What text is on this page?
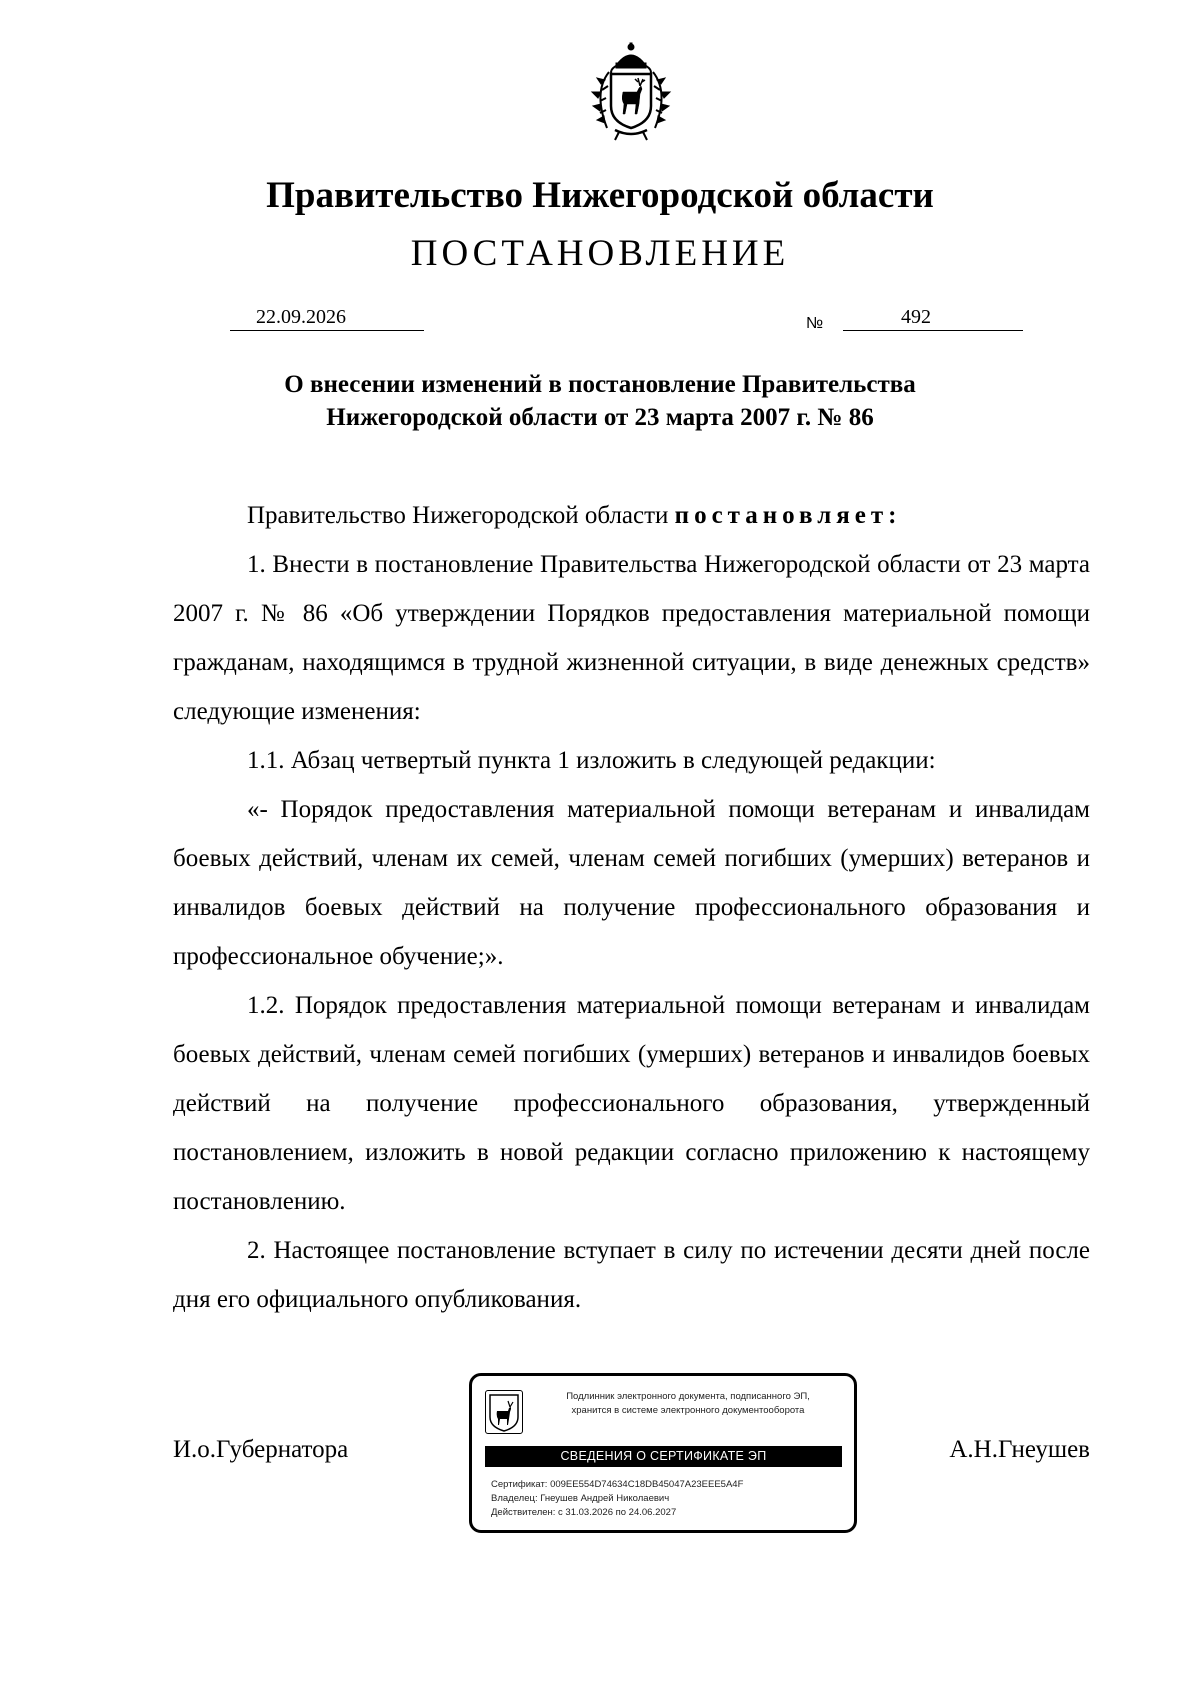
Правительство Нижегородской области
ПОСТАНОВЛЕНИЕ
22.09.2026	№	492
О внесении изменений в постановление Правительства
Нижегородской области от 23 марта 2007 г. № 86

Правительство Нижегородской области постановляет:

1. Внести в постановление Правительства Нижегородской области от 23 марта 2007 г. № 86 «Об утверждении Порядков предоставления материальной помощи гражданам, находящимся в трудной жизненной ситуации, в виде денежных средств» следующие изменения:

1.1. Абзац четвертый пункта 1 изложить в следующей редакции:

«- Порядок предоставления материальной помощи ветеранам и инвалидам боевых действий, членам их семей, членам семей погибших (умерших) ветеранов и инвалидов боевых действий на получение профессионального образования и профессиональное обучение;».

1.2. Порядок предоставления материальной помощи ветеранам и инвалидам боевых действий, членам семей погибших (умерших) ветеранов и инвалидов боевых действий на получение профессионального образования, утвержденный постановлением, изложить в новой редакции согласно приложению к настоящему постановлению.

2. Настоящее постановление вступает в силу по истечении десяти дней после дня его официального опубликования.

И.о.Губернатора	А.Н.Гнеушев
Подлинник электронного документа, подписанного ЭП,
хранится в системе электронного документооборота
СВЕДЕНИЯ О СЕРТИФИКАТЕ ЭП
Сертификат: 009EE554D74634C18DB45047A23EEE5A4F
Владелец: Гнеушев Андрей Николаевич
Действителен: с 31.03.2026 по 24.06.2027
